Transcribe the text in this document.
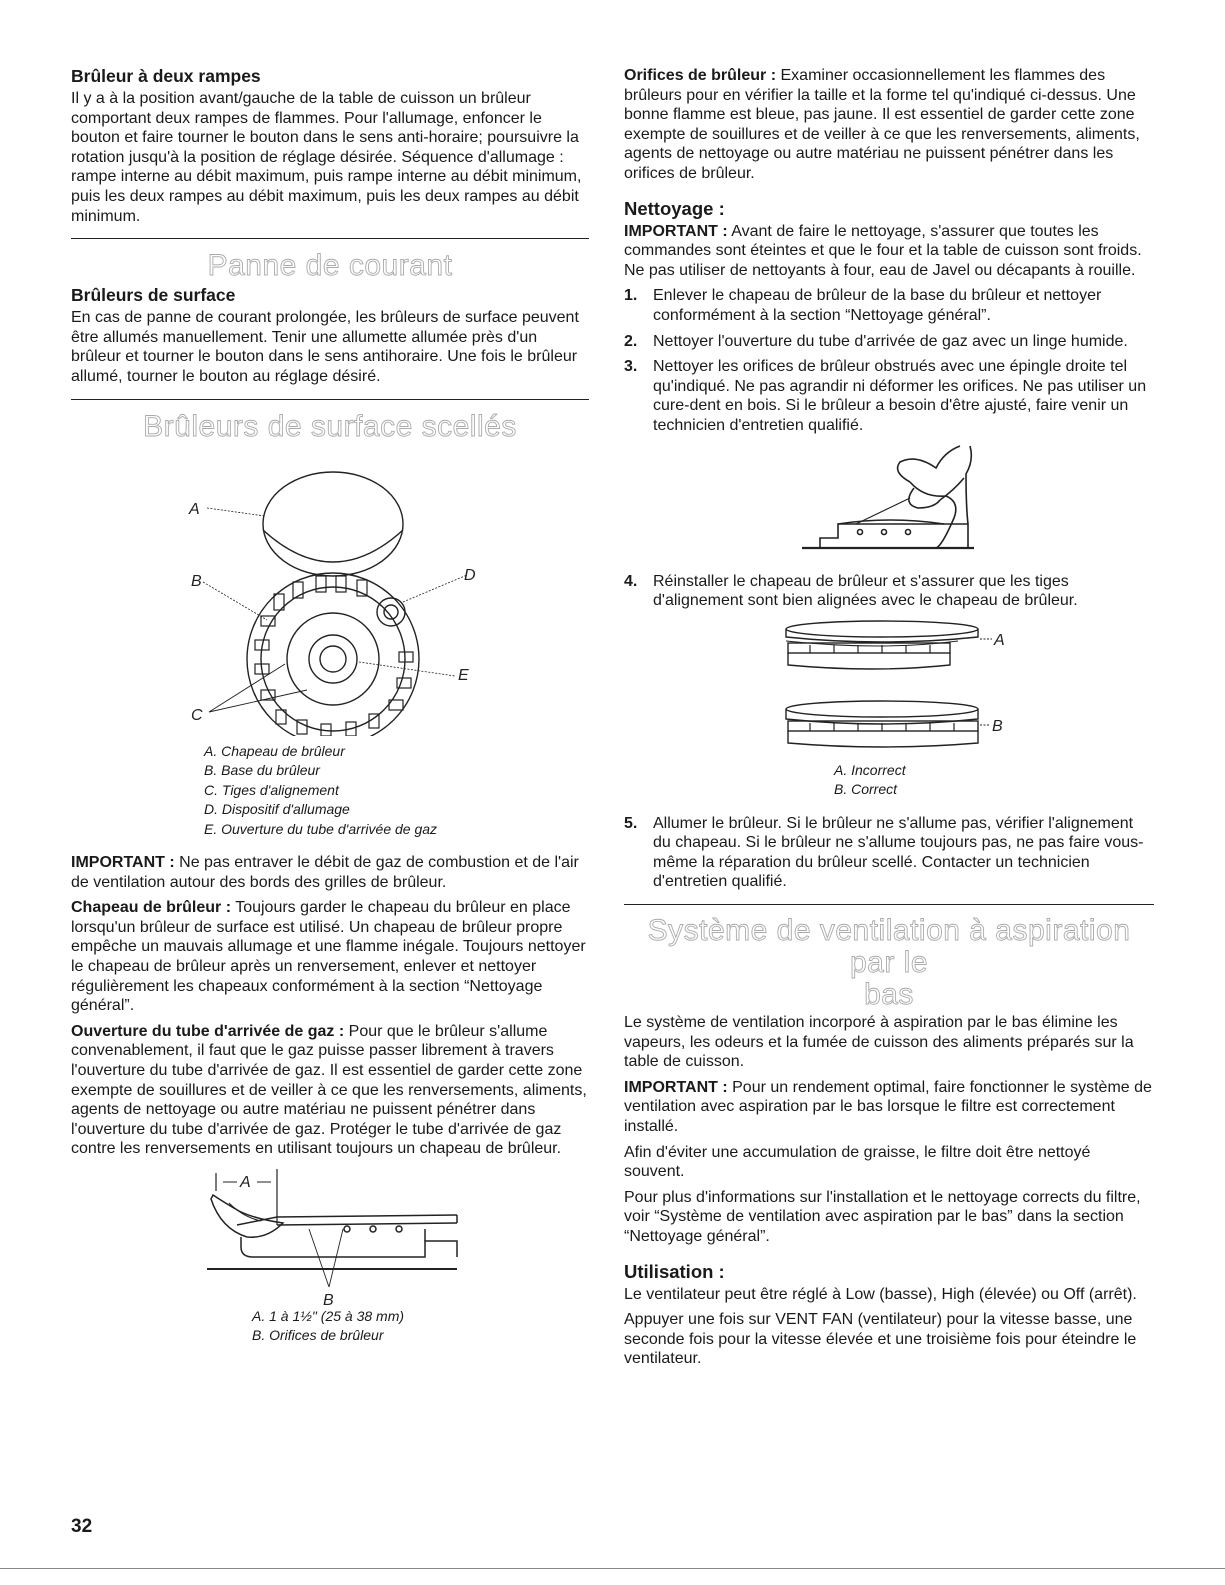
Brûleur à deux rampes

Il y a à la position avant/gauche de la table de cuisson un brûleur comportant deux rampes de flammes. Pour l'allumage, enfoncer le bouton et faire tourner le bouton dans le sens anti-horaire; poursuivre la rotation jusqu'à la position de réglage désirée. Séquence d'allumage : rampe interne au débit maximum, puis rampe interne au débit minimum, puis les deux rampes au débit maximum, puis les deux rampes au débit minimum.

Panne de courant
Brûleurs de surface

En cas de panne de courant prolongée, les brûleurs de surface peuvent être allumés manuellement. Tenir une allumette allumée près d'un brûleur et tourner le bouton dans le sens antihoraire. Une fois le brûleur allumé, tourner le bouton au réglage désiré.

Brûleurs de surface scellés
A
B
C
D
E
A. Chapeau de brûleur
B. Base du brûleur
C. Tiges d'alignement
D. Dispositif d'allumage
E. Ouverture du tube d'arrivée de gaz

IMPORTANT : Ne pas entraver le débit de gaz de combustion et de l'air de ventilation autour des bords des grilles de brûleur.

Chapeau de brûleur : Toujours garder le chapeau du brûleur en place lorsqu'un brûleur de surface est utilisé. Un chapeau de brûleur propre empêche un mauvais allumage et une flamme inégale. Toujours nettoyer le chapeau de brûleur après un renversement, enlever et nettoyer régulièrement les chapeaux conformément à la section “Nettoyage général”.

Ouverture du tube d'arrivée de gaz : Pour que le brûleur s'allume convenablement, il faut que le gaz puisse passer librement à travers l'ouverture du tube d'arrivée de gaz. Il est essentiel de garder cette zone exempte de souillures et de veiller à ce que les renversements, aliments, agents de nettoyage ou autre matériau ne puissent pénétrer dans l'ouverture du tube d'arrivée de gaz. Protéger le tube d'arrivée de gaz contre les renversements en utilisant toujours un chapeau de brûleur.

A
B
A. 1 à 1½" (25 à 38 mm)
B. Orifices de brûleur

Orifices de brûleur : Examiner occasionnellement les flammes des brûleurs pour en vérifier la taille et la forme tel qu'indiqué ci-dessus. Une bonne flamme est bleue, pas jaune. Il est essentiel de garder cette zone exempte de souillures et de veiller à ce que les renversements, aliments, agents de nettoyage ou autre matériau ne puissent pénétrer dans les orifices de brûleur.

Nettoyage :

IMPORTANT : Avant de faire le nettoyage, s'assurer que toutes les commandes sont éteintes et que le four et la table de cuisson sont froids. Ne pas utiliser de nettoyants à four, eau de Javel ou décapants à rouille.

1. Enlever le chapeau de brûleur de la base du brûleur et nettoyer conformément à la section “Nettoyage général”.
2. Nettoyer l'ouverture du tube d'arrivée de gaz avec un linge humide.
3. Nettoyer les orifices de brûleur obstrués avec une épingle droite tel qu'indiqué. Ne pas agrandir ni déformer les orifices. Ne pas utiliser un cure-dent en bois. Si le brûleur a besoin d'être ajusté, faire venir un technicien d'entretien qualifié.
4. Réinstaller le chapeau de brûleur et s'assurer que les tiges d'alignement sont bien alignées avec le chapeau de brûleur.
A
B
A. Incorrect
B. Correct
5. Allumer le brûleur. Si le brûleur ne s'allume pas, vérifier l'alignement du chapeau. Si le brûleur ne s'allume toujours pas, ne pas faire vous-même la réparation du brûleur scellé. Contacter un technicien d'entretien qualifié.
Système de ventilation à aspiration par le
bas

Le système de ventilation incorporé à aspiration par le bas élimine les vapeurs, les odeurs et la fumée de cuisson des aliments préparés sur la table de cuisson.

IMPORTANT : Pour un rendement optimal, faire fonctionner le système de ventilation avec aspiration par le bas lorsque le filtre est correctement installé.

Afin d'éviter une accumulation de graisse, le filtre doit être nettoyé souvent.

Pour plus d'informations sur l'installation et le nettoyage corrects du filtre, voir “Système de ventilation avec aspiration par le bas” dans la section “Nettoyage général”.

Utilisation :

Le ventilateur peut être réglé à Low (basse), High (élevée) ou Off (arrêt).

Appuyer une fois sur VENT FAN (ventilateur) pour la vitesse basse, une seconde fois pour la vitesse élevée et une troisième fois pour éteindre le ventilateur.

32
